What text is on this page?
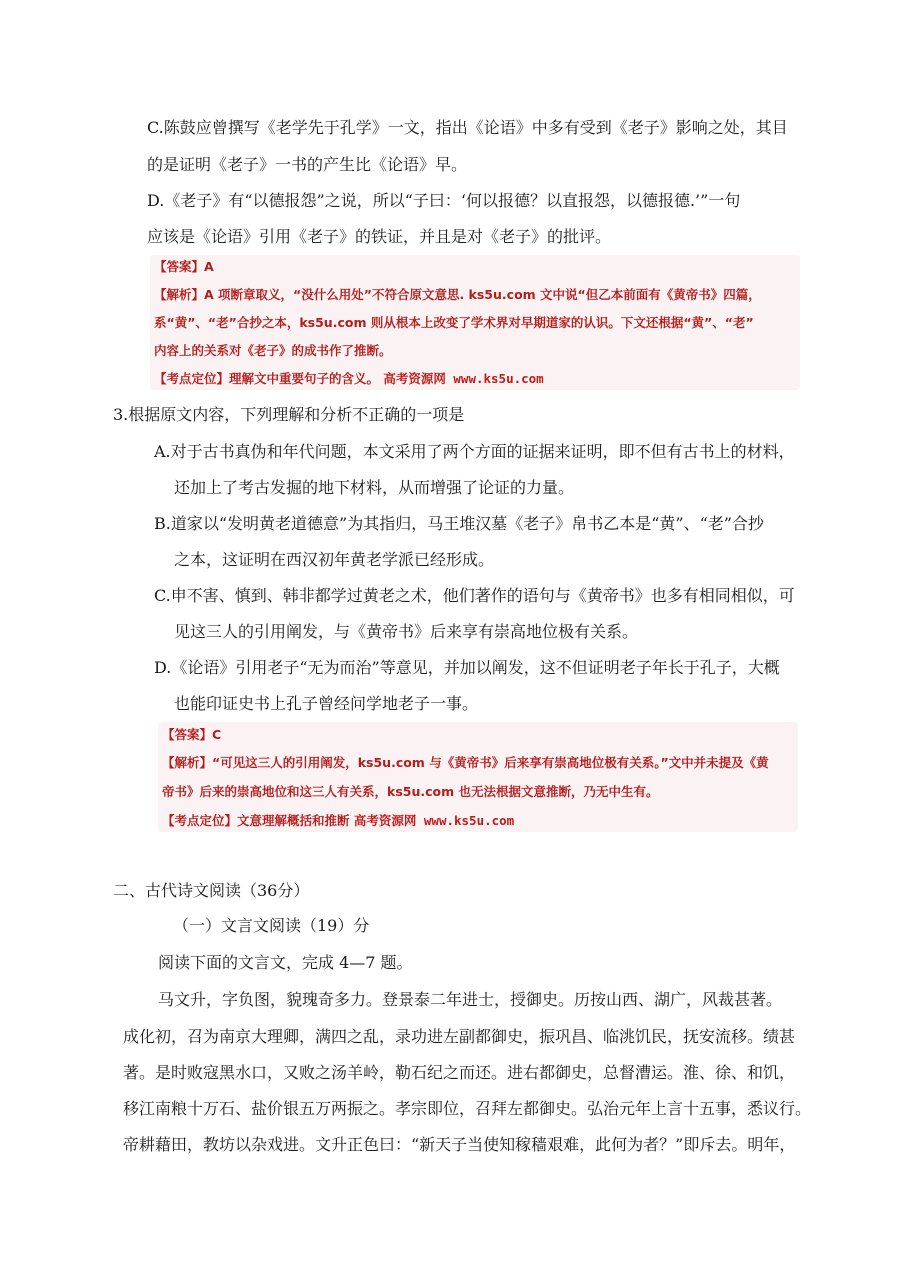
C.陈鼓应曾撰写《老学先于孔学》一文，指出《论语》中多有受到《老子》影响之处，其目
的是证明《老子》一书的产生比《论语》早。
D.《老子》有“以德报怨”之说，所以“子曰：‘何以报德？以直报怨，以德报德.’”一句
应该是《论语》引用《老子》的铁证，并且是对《老子》的批评。
【答案】A
【解析】A 项断章取义，“没什么用处”不符合原文意思. ks5u.com 文中说“但乙本前面有《黄帝书》四篇，
系“黄”、“老”合抄之本，ks5u.com 则从根本上改变了学术界对早期道家的认识。下文还根据“黄”、“老”
内容上的关系对《老子》的成书作了推断。
【考点定位】理解文中重要句子的含义。 高考资源网 www.ks5u.com
3.根据原文内容，下列理解和分析不正确的一项是
A.对于古书真伪和年代问题，本文采用了两个方面的证据来证明，即不但有古书上的材料，
还加上了考古发掘的地下材料，从而增强了论证的力量。
B.道家以“发明黄老道德意”为其指归，马王堆汉墓《老子》帛书乙本是“黄”、“老”合抄
之本，这证明在西汉初年黄老学派已经形成。
C.申不害、慎到、韩非都学过黄老之术，他们著作的语句与《黄帝书》也多有相同相似，可
见这三人的引用阐发，与《黄帝书》后来享有崇高地位极有关系。
D.《论语》引用老子“无为而治”等意见，并加以阐发，这不但证明老子年长于孔子，大概
也能印证史书上孔子曾经问学地老子一事。
【答案】C
【解析】“可见这三人的引用阐发，ks5u.com 与《黄帝书》后来享有崇高地位极有关系。”文中并未提及《黄
帝书》后来的崇高地位和这三人有关系，ks5u.com 也无法根据文意推断，乃无中生有。
【考点定位】文意理解概括和推断 高考资源网 www.ks5u.com
二、古代诗文阅读（36分）
（一）文言文阅读（19）分
阅读下面的文言文，完成 4—7 题。
马文升，字负图，貌瑰奇多力。登景泰二年进士，授御史。历按山西、湖广，风裁甚著。
成化初，召为南京大理卿，满四之乱，录功进左副都御史，振巩昌、临洮饥民，抚安流移。绩甚
著。是时败寇黑水口，又败之汤羊岭，勒石纪之而还。进右都御史，总督漕运。淮、徐、和饥，
移江南粮十万石、盐价银五万两振之。孝宗即位，召拜左都御史。弘治元年上言十五事，悉议行。
帝耕藉田，教坊以杂戏进。文升正色曰：“新天子当使知稼穑艰难，此何为者？”即斥去。明年，
